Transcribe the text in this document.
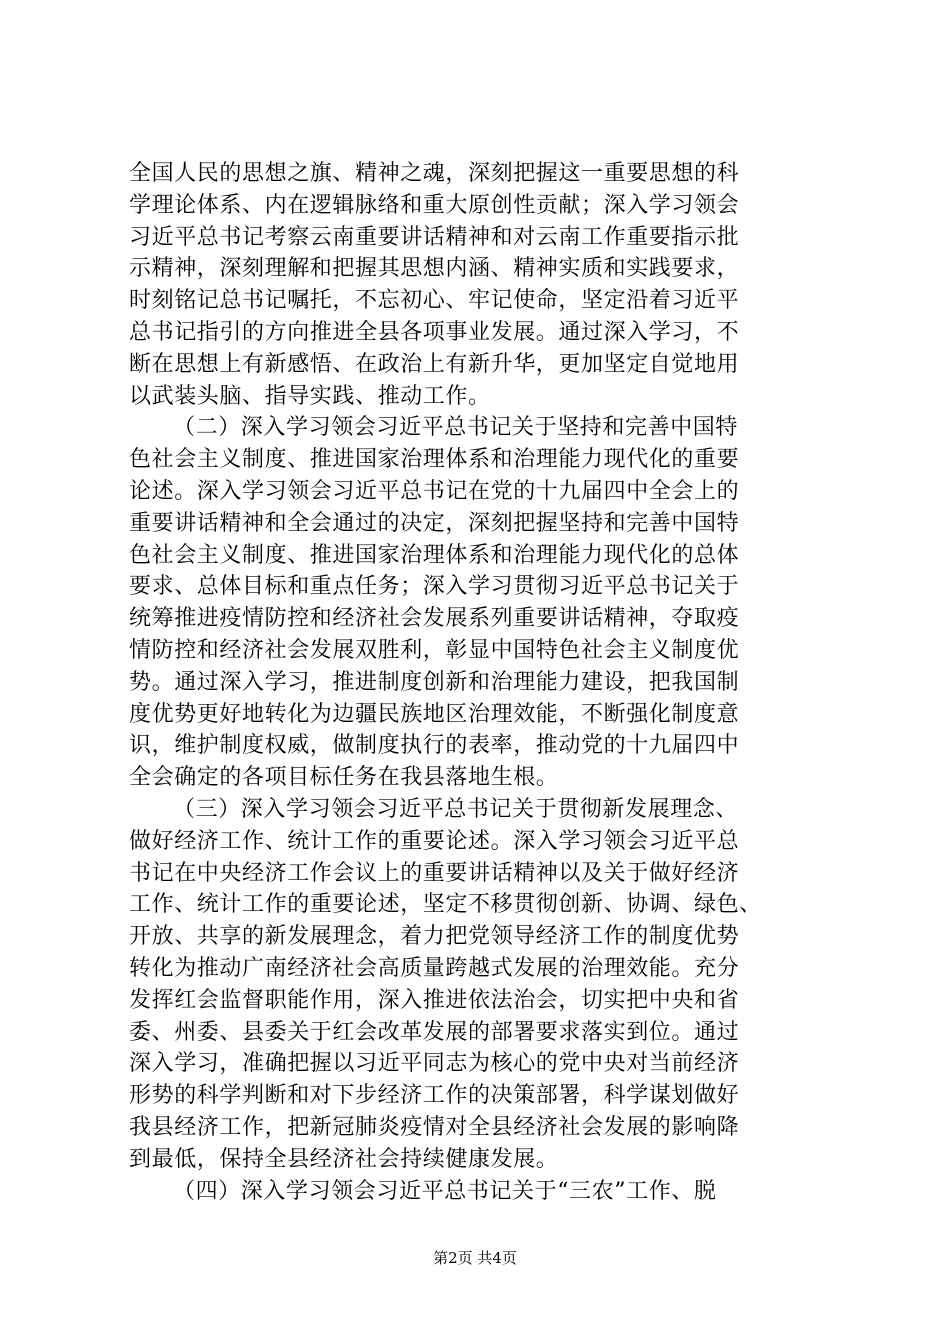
全国人民的思想之旗、精神之魂，深刻把握这一重要思想的科
学理论体系、内在逻辑脉络和重大原创性贡献；深入学习领会
习近平总书记考察云南重要讲话精神和对云南工作重要指示批
示精神，深刻理解和把握其思想内涵、精神实质和实践要求，
时刻铭记总书记嘱托，不忘初心、牢记使命，坚定沿着习近平
总书记指引的方向推进全县各项事业发展。通过深入学习，不
断在思想上有新感悟、在政治上有新升华，更加坚定自觉地用
以武装头脑、指导实践、推动工作。
（二）深入学习领会习近平总书记关于坚持和完善中国特
色社会主义制度、推进国家治理体系和治理能力现代化的重要
论述。深入学习领会习近平总书记在党的十九届四中全会上的
重要讲话精神和全会通过的决定，深刻把握坚持和完善中国特
色社会主义制度、推进国家治理体系和治理能力现代化的总体
要求、总体目标和重点任务；深入学习贯彻习近平总书记关于
统筹推进疫情防控和经济社会发展系列重要讲话精神，夺取疫
情防控和经济社会发展双胜利，彰显中国特色社会主义制度优
势。通过深入学习，推进制度创新和治理能力建设，把我国制
度优势更好地转化为边疆民族地区治理效能，不断强化制度意
识，维护制度权威，做制度执行的表率，推动党的十九届四中
全会确定的各项目标任务在我县落地生根。
（三）深入学习领会习近平总书记关于贯彻新发展理念、
做好经济工作、统计工作的重要论述。深入学习领会习近平总
书记在中央经济工作会议上的重要讲话精神以及关于做好经济
工作、统计工作的重要论述，坚定不移贯彻创新、协调、绿色、
开放、共享的新发展理念，着力把党领导经济工作的制度优势
转化为推动广南经济社会高质量跨越式发展的治理效能。充分
发挥红会监督职能作用，深入推进依法治会，切实把中央和省
委、州委、县委关于红会改革发展的部署要求落实到位。通过
深入学习，准确把握以习近平同志为核心的党中央对当前经济
形势的科学判断和对下步经济工作的决策部署，科学谋划做好
我县经济工作，把新冠肺炎疫情对全县经济社会发展的影响降
到最低，保持全县经济社会持续健康发展。
（四）深入学习领会习近平总书记关于“三农”工作、脱
第2页 共4页
